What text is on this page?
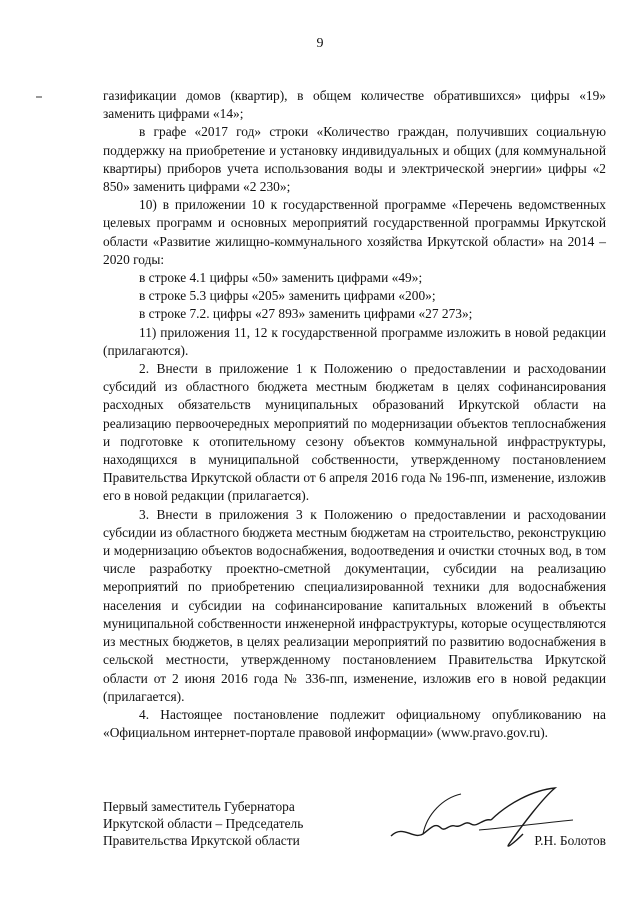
9

газификации домов (квартир), в общем количестве обратившихся» цифры «19» заменить цифрами «14»;

в графе «2017 год» строки «Количество граждан, получивших социальную поддержку на приобретение и установку индивидуальных и общих (для коммунальной квартиры) приборов учета использования воды и электрической энергии» цифры «2 850» заменить цифрами «2 230»;

10) в приложении 10 к государственной программе «Перечень ведомственных целевых программ и основных мероприятий государственной программы Иркутской области «Развитие жилищно-коммунального хозяйства Иркутской области» на 2014 – 2020 годы:

в строке 4.1 цифры «50» заменить цифрами «49»;

в строке 5.3 цифры «205» заменить цифрами «200»;

в строке 7.2. цифры «27 893» заменить цифрами «27 273»;

11) приложения 11, 12 к государственной программе изложить в новой редакции (прилагаются).

2. Внести в приложение 1 к Положению о предоставлении и расходовании субсидий из областного бюджета местным бюджетам в целях софинансирования расходных обязательств муниципальных образований Иркутской области на реализацию первоочередных мероприятий по модернизации объектов теплоснабжения и подготовке к отопительному сезону объектов коммунальной инфраструктуры, находящихся в муниципальной собственности, утвержденному постановлением Правительства Иркутской области от 6 апреля 2016 года № 196-пп, изменение, изложив его в новой редакции (прилагается).

3. Внести в приложения 3 к Положению о предоставлении и расходовании субсидии из областного бюджета местным бюджетам на строительство, реконструкцию и модернизацию объектов водоснабжения, водоотведения и очистки сточных вод, в том числе разработку проектно-сметной документации, субсидии на реализацию мероприятий по приобретению специализированной техники для водоснабжения населения и субсидии на софинансирование капитальных вложений в объекты муниципальной собственности инженерной инфраструктуры, которые осуществляются из местных бюджетов, в целях реализации мероприятий по развитию водоснабжения в сельской местности, утвержденному постановлением Правительства Иркутской области от 2 июня 2016 года № 336-пп, изменение, изложив его в новой редакции (прилагается).

4. Настоящее постановление подлежит официальному опубликованию на «Официальном интернет-портале правовой информации» (www.pravo.gov.ru).

Первый заместитель Губернатора
Иркутской области – Председатель
Правительства Иркутской области	Р.Н. Болотов
